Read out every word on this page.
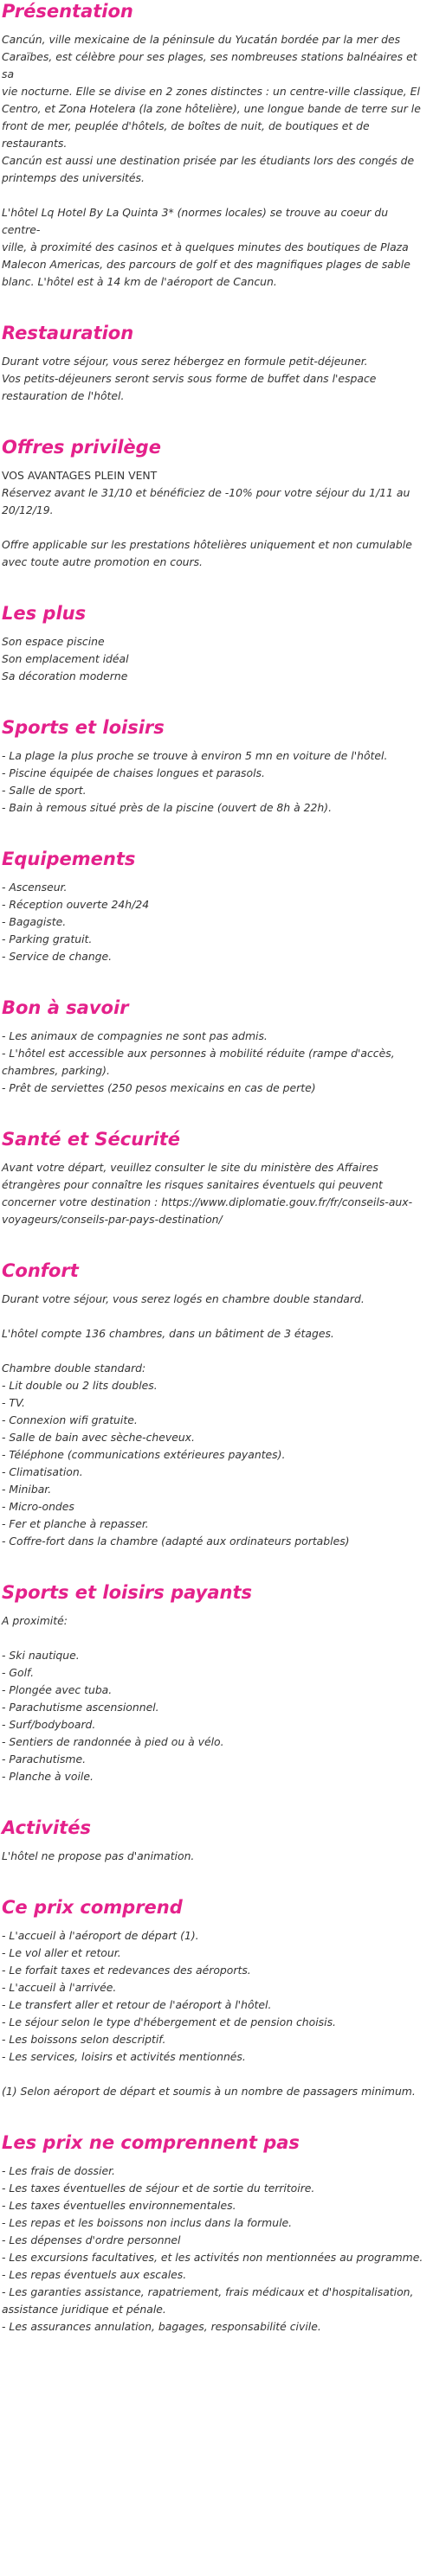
Présentation

Cancún, ville mexicaine de la péninsule du Yucatán bordée par la mer des
Caraïbes, est célèbre pour ses plages, ses nombreuses stations balnéaires et sa
vie nocturne. Elle se divise en 2 zones distinctes : un centre-ville classique, El
Centro, et Zona Hotelera (la zone hôtelière), une longue bande de terre sur le
front de mer, peuplée d'hôtels, de boîtes de nuit, de boutiques et de restaurants.
Cancún est aussi une destination prisée par les étudiants lors des congés de
printemps des universités.
L'hôtel Lq Hotel By La Quinta 3* (normes locales) se trouve au coeur du centre-
ville, à proximité des casinos et à quelques minutes des boutiques de Plaza
Malecon Americas, des parcours de golf et des magnifiques plages de sable
blanc. L'hôtel est à 14 km de l'aéroport de Cancun.

Restauration

Durant votre séjour, vous serez hébergez en formule petit-déjeuner.
Vos petits-déjeuners seront servis sous forme de buffet dans l'espace
restauration de l'hôtel.

Offres privilège

VOS AVANTAGES PLEIN VENT
Réservez avant le 31/10 et bénéficiez de -10% pour votre séjour du 1/11 au
20/12/19.
Offre applicable sur les prestations hôtelières uniquement et non cumulable
avec toute autre promotion en cours.

Les plus

Son espace piscine
Son emplacement idéal
Sa décoration moderne

Sports et loisirs

- La plage la plus proche se trouve à environ 5 mn en voiture de l'hôtel.
- Piscine équipée de chaises longues et parasols.
- Salle de sport.
- Bain à remous situé près de la piscine (ouvert de 8h à 22h).

Equipements

- Ascenseur.
- Réception ouverte 24h/24
- Bagagiste.
- Parking gratuit.
- Service de change.

Bon à savoir

- Les animaux de compagnies ne sont pas admis.
- L'hôtel est accessible aux personnes à mobilité réduite (rampe d'accès,
chambres, parking).
- Prêt de serviettes (250 pesos mexicains en cas de perte)

Santé et Sécurité

Avant votre départ, veuillez consulter le site du ministère des Affaires
étrangères pour connaître les risques sanitaires éventuels qui peuvent
concerner votre destination : https://www.diplomatie.gouv.fr/fr/conseils-aux-
voyageurs/conseils-par-pays-destination/

Confort

Durant votre séjour, vous serez logés en chambre double standard.
L'hôtel compte 136 chambres, dans un bâtiment de 3 étages.
Chambre double standard:
- Lit double ou 2 lits doubles.
- TV.
- Connexion wifi gratuite.
- Salle de bain avec sèche-cheveux.
- Téléphone (communications extérieures payantes).
- Climatisation.
- Minibar.
- Micro-ondes
- Fer et planche à repasser.
- Coffre-fort dans la chambre (adapté aux ordinateurs portables)

Sports et loisirs payants

A proximité:
- Ski nautique.
- Golf.
- Plongée avec tuba.
- Parachutisme ascensionnel.
- Surf/bodyboard.
- Sentiers de randonnée à pied ou à vélo.
- Parachutisme.
- Planche à voile.

Activités

L'hôtel ne propose pas d'animation.

Ce prix comprend

- L'accueil à l'aéroport de départ (1).
- Le vol aller et retour.
- Le forfait taxes et redevances des aéroports.
- L'accueil à l'arrivée.
- Le transfert aller et retour de l'aéroport à l'hôtel.
- Le séjour selon le type d'hébergement et de pension choisis.
- Les boissons selon descriptif.
- Les services, loisirs et activités mentionnés.
(1) Selon aéroport de départ et soumis à un nombre de passagers minimum.

Les prix ne comprennent pas

- Les frais de dossier.
- Les taxes éventuelles de séjour et de sortie du territoire.
- Les taxes éventuelles environnementales.
- Les repas et les boissons non inclus dans la formule.
- Les dépenses d'ordre personnel
- Les excursions facultatives, et les activités non mentionnées au programme.
- Les repas éventuels aux escales.
- Les garanties assistance, rapatriement, frais médicaux et d'hospitalisation,
assistance juridique et pénale.
- Les assurances annulation, bagages, responsabilité civile.
